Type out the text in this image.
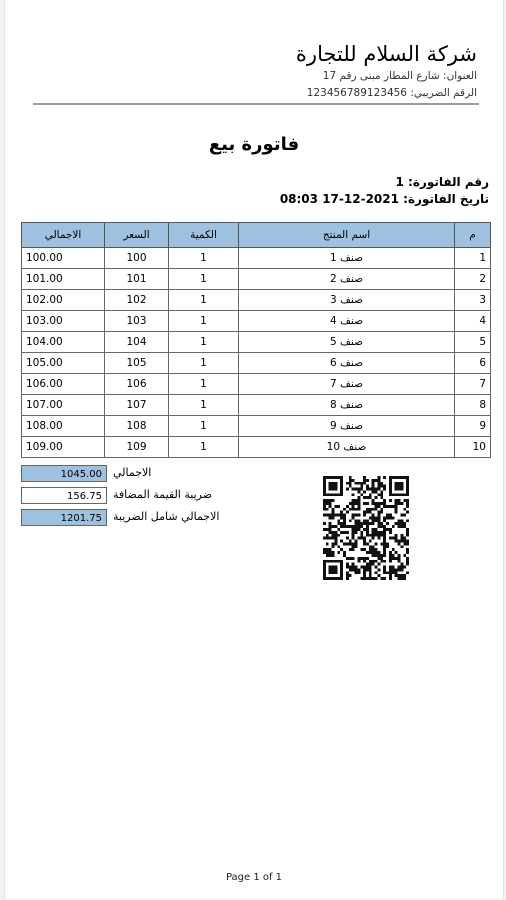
شركة السلام للتجارة
العنوان: شارع المطار مبنى رقم 17
الرقم الضريبي: 123456789123456
فاتورة بيع
رقم الفاتورة: 1
تاريخ الفاتورة: 2021-12-17 08:03
م	اسم المنتج	الكمية	السعر	الاجمالي
1	صنف 1	1	100	100.00
2	صنف 2	1	101	101.00
3	صنف 3	1	102	102.00
4	صنف 4	1	103	103.00
5	صنف 5	1	104	104.00
6	صنف 6	1	105	105.00
7	صنف 7	1	106	106.00
8	صنف 8	1	107	107.00
9	صنف 9	1	108	108.00
10	صنف 10	1	109	109.00
1045.00	الاجمالي
156.75	ضريبة القيمة المضافة
1201.75	الاجمالي شامل الضريبة
Page 1 of 1
